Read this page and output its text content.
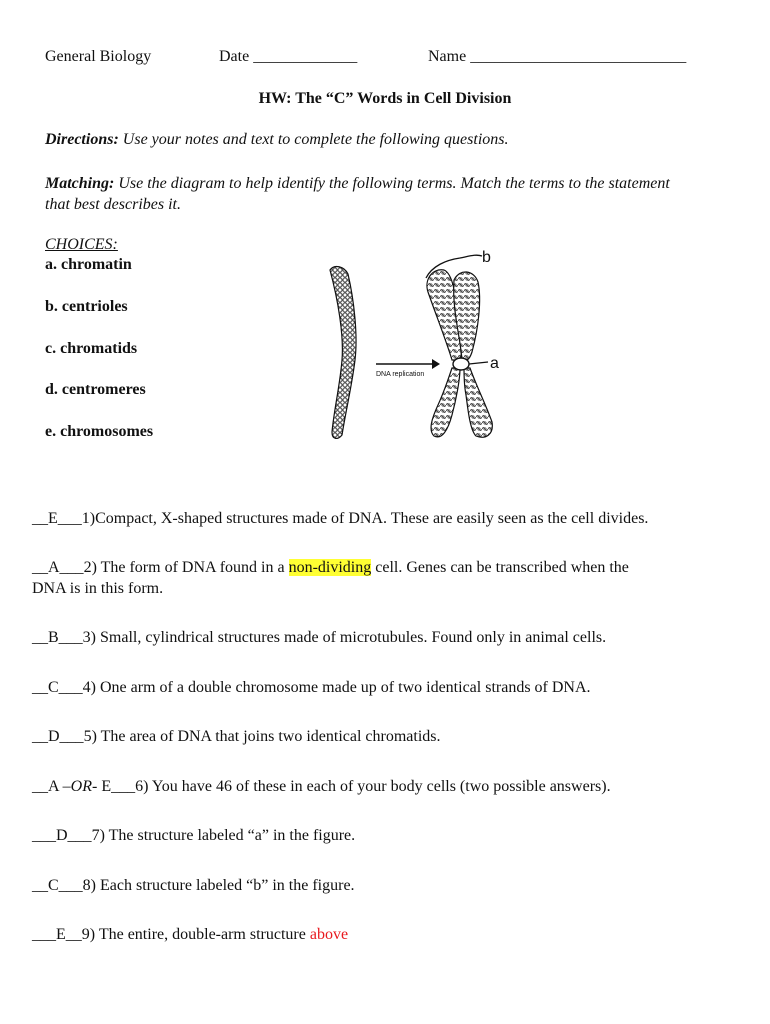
General Biology	Date _____________	Name ___________________________
HW: The “C” Words in Cell Division
Directions: Use your notes and text to complete the following questions.
Matching: Use the diagram to help identify the following terms. Match the terms to the statement that best describes it.
CHOICES:
a. chromatin
b. centrioles
c. chromatids
d. centromeres
e. chromosomes
DNA replication
b
a
__E___1)Compact, X-shaped structures made of DNA. These are easily seen as the cell divides.
__A___2) The form of DNA found in a non-dividing cell. Genes can be transcribed when the
DNA is in this form.
__B___3) Small, cylindrical structures made of microtubules. Found only in animal cells.
__C___4) One arm of a double chromosome made up of two identical strands of DNA.
__D___5) The area of DNA that joins two identical chromatids.
__A –OR- E___6) You have 46 of these in each of your body cells (two possible answers).
___D___7) The structure labeled “a” in the figure.
__C___8) Each structure labeled “b” in the figure.
___E__9) The entire, double-arm structure above
